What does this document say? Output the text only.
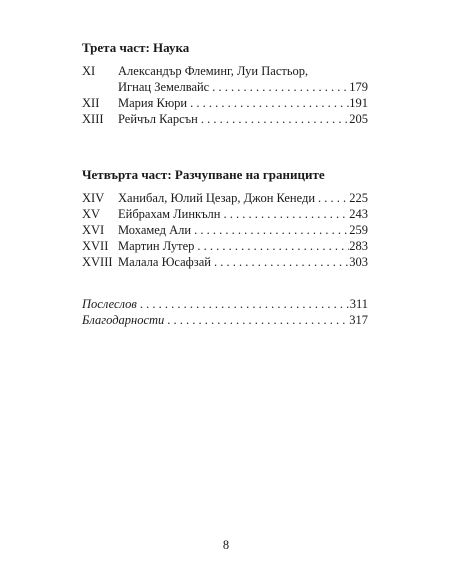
Трета част: Наука
XI	Александър Флеминг, Луи Пастьор,
Игнац Земелвайс . . .	179
XII	Мария Кюри . . .	191
XIII	Рейчъл Карсън . . .	205
Четвърта част: Разчупване на границите
XIV	Ханибал, Юлий Цезар, Джон Кенеди . . .	225
XV	Ейбрахам Линкълн . . .	243
XVI	Мохамед Али . . .	259
XVII Мартин Лутер . . .	283
XVIII Малала Юсафзай . . .	303
Послеслов . . .	311
Благодарности . . .	317
8
